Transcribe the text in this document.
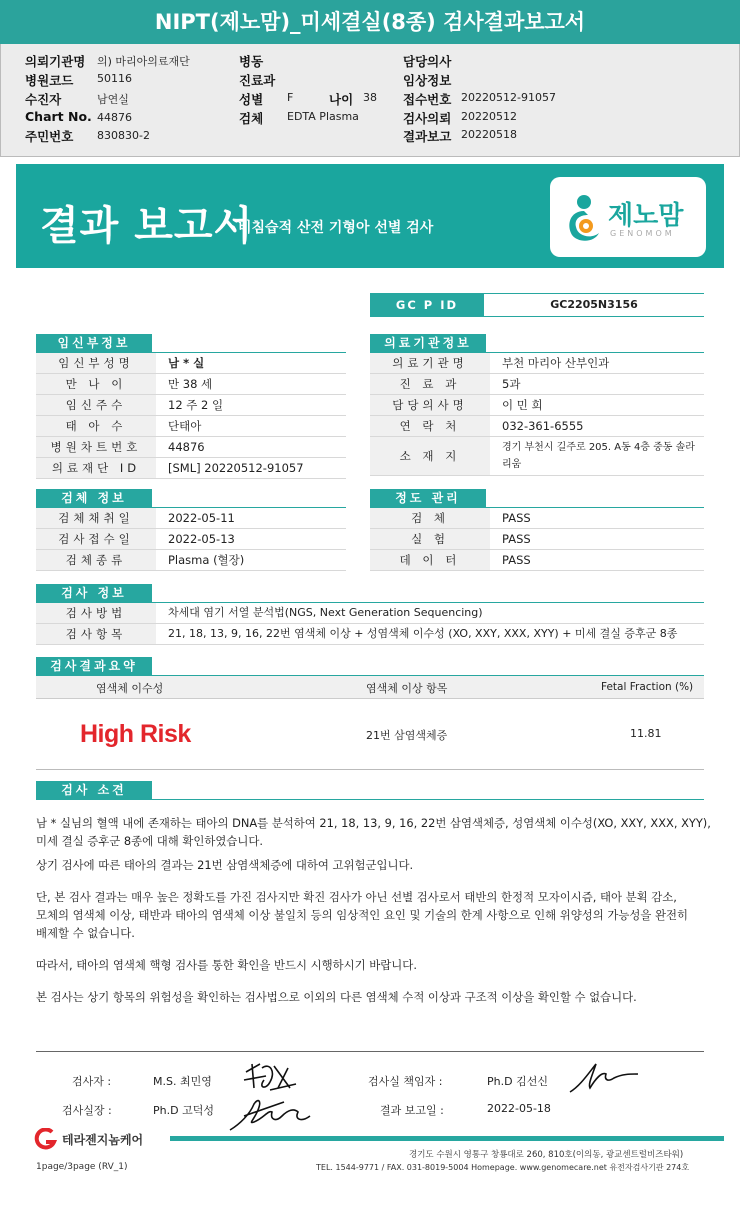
NIPT(제노맘)_미세결실(8종) 검사결과보고서
의뢰기관명 의) 마리아의료재단
병원코드 50116
수진자	남연실
Chart No. 44876
주민번호 830830-2
병동
진료과
성별 F	나이 38
검체 EDTA Plasma
담당의사
임상정보
접수번호 20220512-91057
검사의뢰 20220512
결과보고 20220518
결과 보고서
비침습적 산전 기형아 선별 검사	제노맘
GENOMOM
GC P ID	GC2205N3156
임신부정보
임신부성명	남 * 실
만 나 이	만 38 세
임신주수	12 주 2 일
태 아 수	단태아
병원차트번호	44876
의료재단 ID	[SML] 20220512-91057
의료기관정보
의료기관명	부천 마리아 산부인과
진 료 과	5과
담당의사명	이 민 희
연 락 처	032-361-6555
소 재 지
경기 부천시 길주로 205. A동 4층 중동 솔라
리움
검체 정보
검체채취일	2022-05-11
검사접수일	2022-05-13
검체종류	Plasma (혈장)
정도 관리
검 체	PASS
실 험	PASS
데 이 터	PASS
검사 정보
검사방법	차세대 염기 서열 분석법(NGS, Next Generation Sequencing)
검사항목	21, 18, 13, 9, 16, 22번 염색체 이상 + 성염색체 이수성 (XO, XXY, XXX, XYY) + 미세 결실 증후군 8종
검사결과요약
염색체 이수성	염색체 이상 항목	Fetal Fraction (%)
High Risk	21번 삼염색체증	11.81
검사 소견
남 * 실님의 혈액 내에 존재하는 태아의 DNA를 분석하여 21, 18, 13, 9, 16, 22번 삼염색체증, 성염색체 이수성(XO, XXY, XXX, XYY),
미세 결실 증후군 8종에 대해 확인하였습니다.
상기 검사에 따른 태아의 결과는 21번 삼염색체증에 대하여 고위험군입니다.
단, 본 검사 결과는 매우 높은 정확도를 가진 검사지만 확진 검사가 아닌 선별 검사로서 태반의 한정적 모자이시즘, 태아 분획 감소,
모체의 염색체 이상, 태반과 태아의 염색체 이상 불일치 등의 임상적인 요인 및 기술의 한계 사항으로 인해 위양성의 가능성을 완전히
배제할 수 없습니다.
따라서, 태아의 염색체 핵형 검사를 통한 확인을 반드시 시행하시기 바랍니다.
본 검사는 상기 항목의 위험성을 확인하는 검사법으로 이외의 다른 염색체 수적 이상과 구조적 이상을 확인할 수 없습니다.
검사자 :	M.S. 최민영	검사실 책임자 :	Ph.D 김선신
검사실장 :	Ph.D 고덕성	결과 보고일 :	2022-05-18
테라젠지놈케어
경기도 수원시 영통구 창룡대로 260, 810호(이의동, 광교센트럴비즈타워)
TEL. 1544-9771 / FAX. 031-8019-5004 Homepage. www.genomecare.net 유전자검사기관 274호
1page/3page (RV_1)
